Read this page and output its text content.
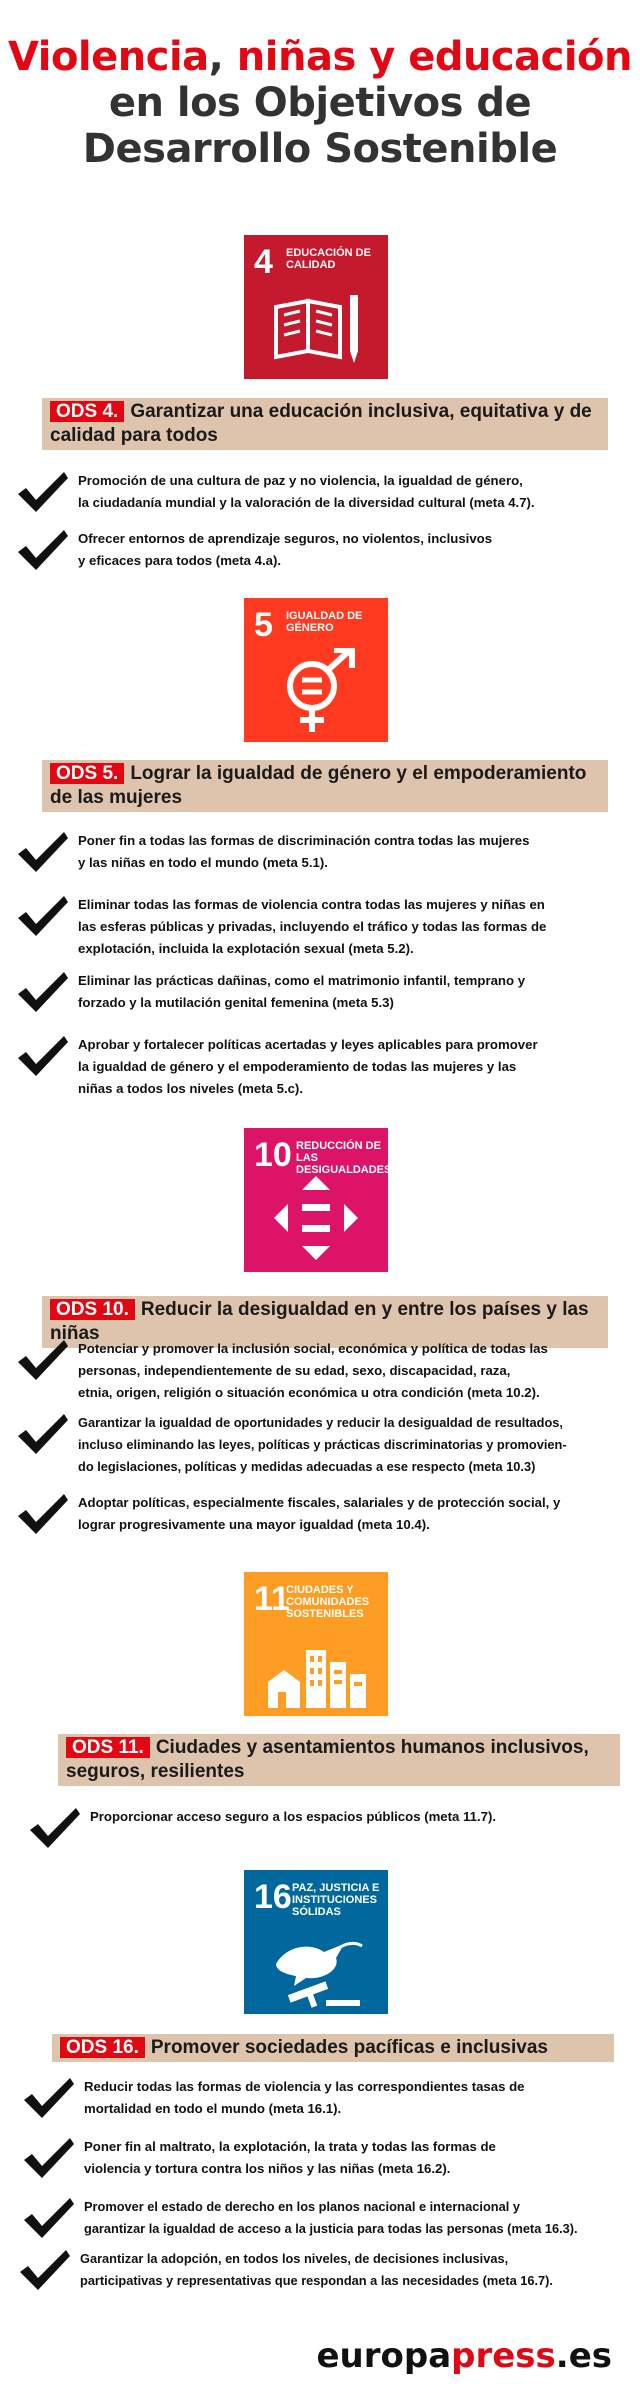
Violencia, niñas y educación
en los Objetivos de
Desarrollo Sostenible
4 EDUCACIÓN DE CALIDAD
ODS 4. Garantizar una educación inclusiva, equitativa y de calidad para todos
Promoción de una cultura de paz y no violencia, la igualdad de género,
la ciudadanía mundial y la valoración de la diversidad cultural (meta 4.7).
Ofrecer entornos de aprendizaje seguros, no violentos, inclusivos
y eficaces para todos (meta 4.a).
5 IGUALDAD DE GÉNERO
ODS 5. Lograr la igualdad de género y el empoderamiento de las mujeres
Poner fin a todas las formas de discriminación contra todas las mujeres
y las niñas en todo el mundo (meta 5.1).
Eliminar todas las formas de violencia contra todas las mujeres y niñas en
las esferas públicas y privadas, incluyendo el tráfico y todas las formas de
explotación, incluida la explotación sexual (meta 5.2).
Eliminar las prácticas dañinas, como el matrimonio infantil, temprano y
forzado y la mutilación genital femenina (meta 5.3)
Aprobar y fortalecer políticas acertadas y leyes aplicables para promover
la igualdad de género y el empoderamiento de todas las mujeres y las
niñas a todos los niveles (meta 5.c).
10 REDUCCIÓN DE LAS DESIGUALDADES
ODS 10. Reducir la desigualdad en y entre los países y las niñas
Potenciar y promover la inclusión social, económica y política de todas las
personas, independientemente de su edad, sexo, discapacidad, raza,
etnia, origen, religión o situación económica u otra condición (meta 10.2).
Garantizar la igualdad de oportunidades y reducir la desigualdad de resultados,
incluso eliminando las leyes, políticas y prácticas discriminatorias y promovien-
do legislaciones, políticas y medidas adecuadas a ese respecto (meta 10.3)
Adoptar políticas, especialmente fiscales, salariales y de protección social, y
lograr progresivamente una mayor igualdad (meta 10.4).
11
CIUDADES Y COMUNIDADES SOSTENIBLES
ODS 11. Ciudades y asentamientos humanos inclusivos, seguros, resilientes
Proporcionar acceso seguro a los espacios públicos (meta 11.7).
16 PAZ, JUSTICIA E INSTITUCIONES SÓLIDAS
ODS 16. Promover sociedades pacíficas e inclusivas
Reducir todas las formas de violencia y las correspondientes tasas de
mortalidad en todo el mundo (meta 16.1).
Poner fin al maltrato, la explotación, la trata y todas las formas de
violencia y tortura contra los niños y las niñas (meta 16.2).
Promover el estado de derecho en los planos nacional e internacional y
garantizar la igualdad de acceso a la justicia para todas las personas (meta 16.3).
Garantizar la adopción, en todos los niveles, de decisiones inclusivas,
participativas y representativas que respondan a las necesidades (meta 16.7).
europapress.es
